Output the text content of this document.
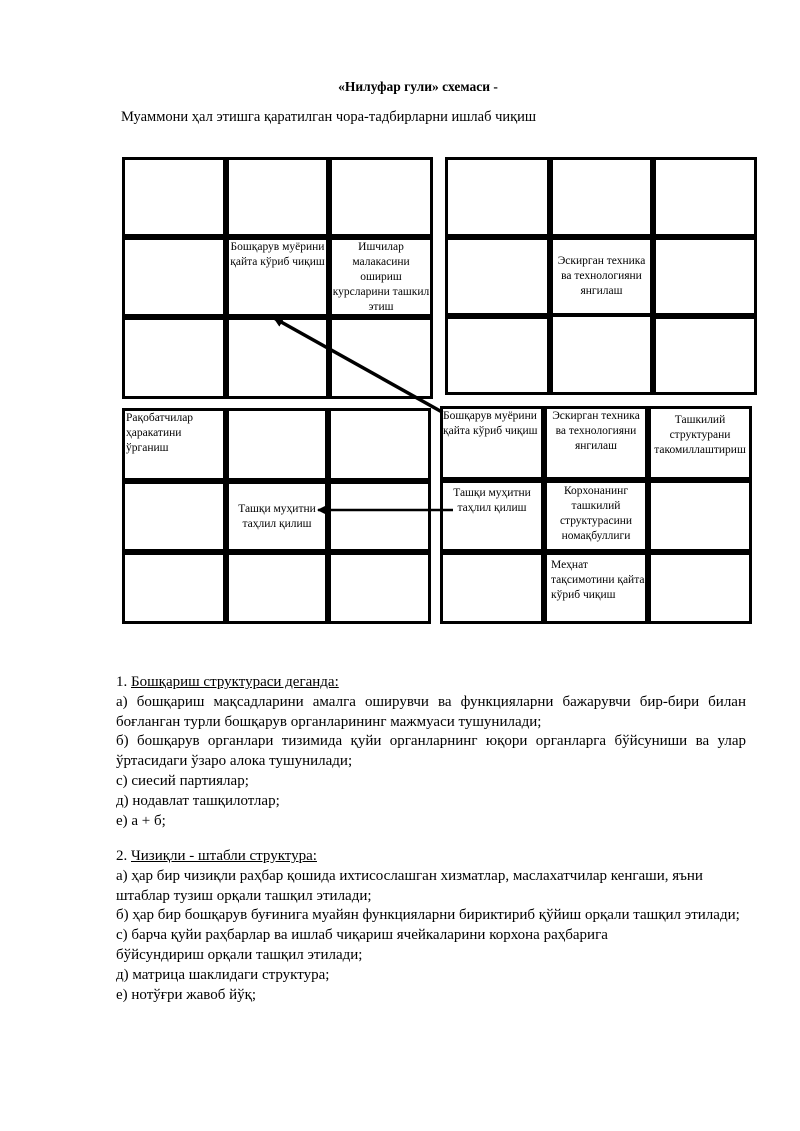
«Нилуфар гули» схемаси -
Муаммони ҳал этишга қаратилган чора-тадбирларни ишлаб чиқиш
Бошқарув муёрини қайта кўриб чиқиш
Ишчилар малакасини ошириш курсларини ташкил этиш
Эскирган техника ва технологияни янгилаш
Рақобатчилар ҳаракатини ўрганиш
Ташқи муҳитни таҳлил қилиш
Бошқарув муёрини қайта кўриб чиқиш
Эскирган техника ва технологияни янгилаш
Ташкилий структурани такомиллаштириш
Ташқи муҳитни таҳлил қилиш
Корхонанинг ташкилий структурасини номақбуллиги
Меҳнат тақсимотини қайта кўриб чиқиш

1. Бошқариш структураси деганда:

а) бошқариш мақсадларини амалга оширувчи ва функцияларни бажарувчи бир-бири билан боғланган турли бошқарув органларининг мажмуаси тушунилади;

б) бошқарув органлари тизимида қуйи органларнинг юқори органларга бўйсуниши ва улар ўртасидаги ўзаро алока тушунилади;

с) сиесий партиялар;

д) нодавлат ташқилотлар;

е) а + б;

2. Чизиқли - штабли структура:

а) ҳар бир чизиқли раҳбар қошида ихтисослашган хизматлар, маслахатчилар кенгаши, яъни штаблар тузиш орқали ташқил этилади;

б) ҳар бир бошқарув буғинига муайян функцияларни бириктириб қўйиш орқали ташқил этилади;

с) барча қуйи раҳбарлар ва ишлаб чиқариш ячейкаларини корхона раҳбарига бўйсундириш орқали ташқил этилади;

д) матрица шаклидаги структура;

е) нотўғри жавоб йўқ;
